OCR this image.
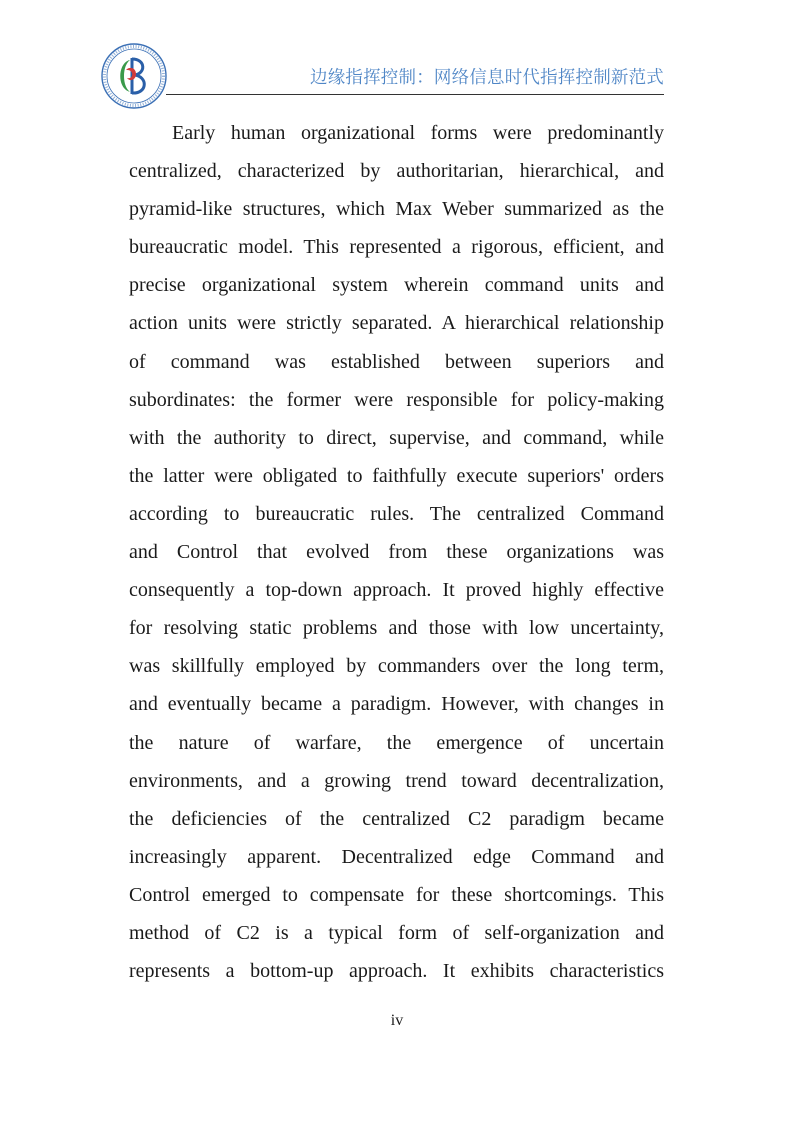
边缘指挥控制：网络信息时代指挥控制新范式
Early human organizational forms were predominantly
centralized, characterized by authoritarian, hierarchical, and
pyramid-like structures, which Max Weber summarized as the
bureaucratic model. This represented a rigorous, efficient, and
precise organizational system wherein command units and
action units were strictly separated. A hierarchical relationship
of command was established between superiors and
subordinates: the former were responsible for policy-making
with the authority to direct, supervise, and command, while
the latter were obligated to faithfully execute superiors' orders
according to bureaucratic rules. The centralized Command
and Control that evolved from these organizations was
consequently a top-down approach. It proved highly effective
for resolving static problems and those with low uncertainty,
was skillfully employed by commanders over the long term,
and eventually became a paradigm. However, with changes in
the nature of warfare, the emergence of uncertain
environments, and a growing trend toward decentralization,
the deficiencies of the centralized C2 paradigm became
increasingly apparent. Decentralized edge Command and
Control emerged to compensate for these shortcomings. This
method of C2 is a typical form of self-organization and
represents a bottom-up approach. It exhibits characteristics
iv
